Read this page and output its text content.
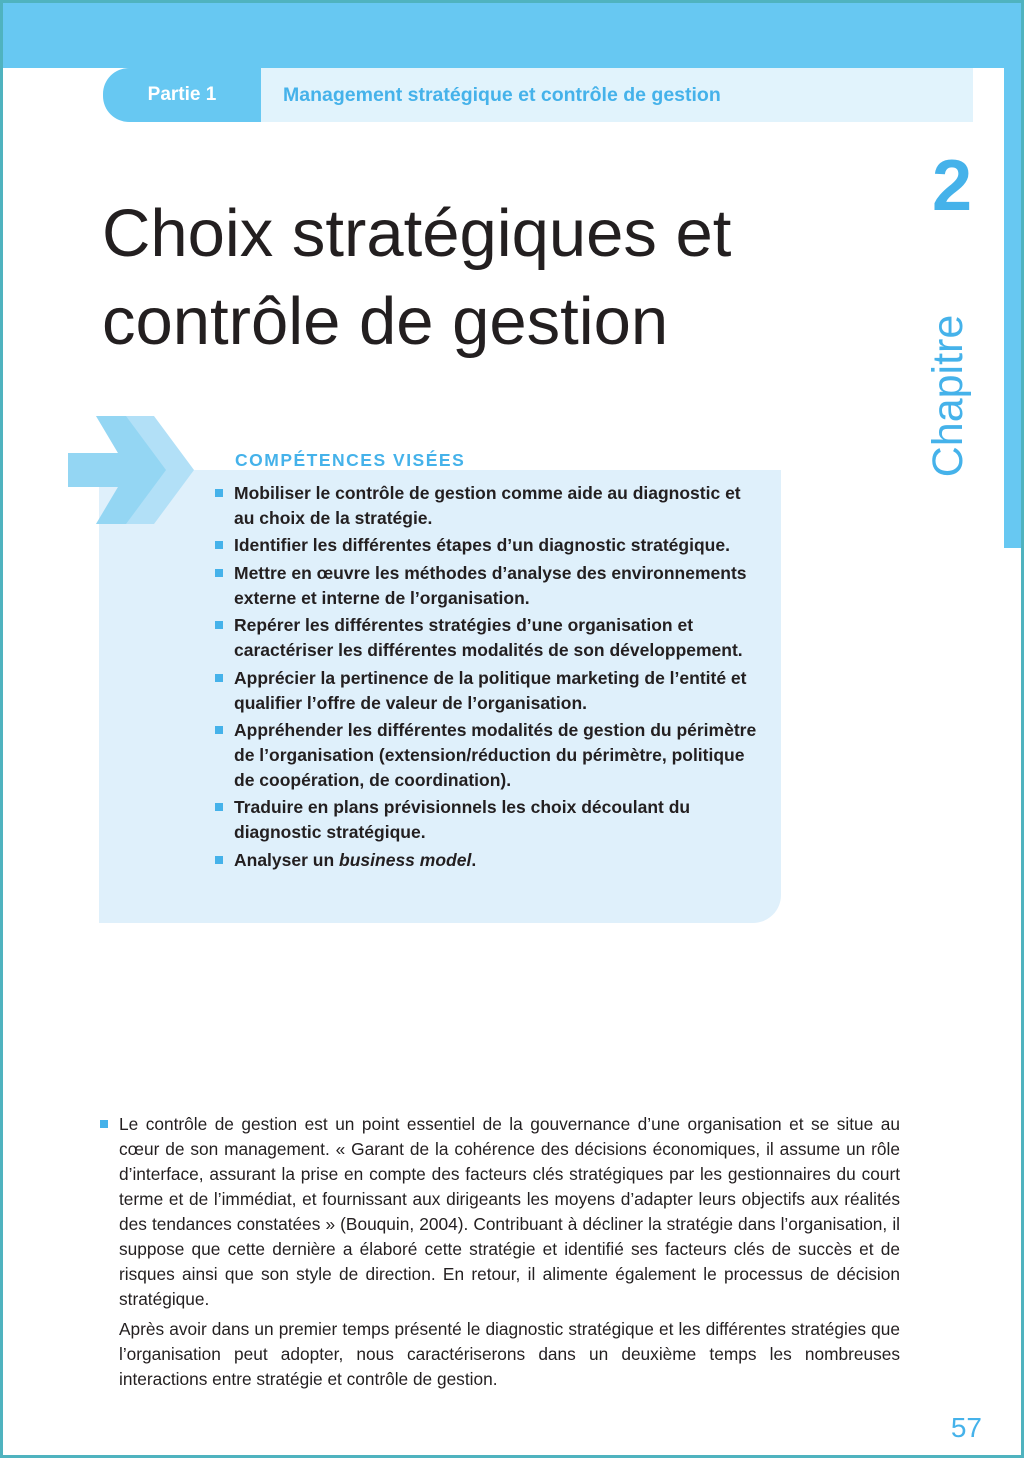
Partie 1	Management stratégique et contrôle de gestion
2
Chapitre
Choix stratégiques et
contrôle de gestion
COMPÉTENCES VISÉES
Mobiliser le contrôle de gestion comme aide au diagnostic et au choix de la stratégie.
Identifier les différentes étapes d’un diagnostic stratégique.
Mettre en œuvre les méthodes d’analyse des environnements externe et interne de l’organisation.
Repérer les différentes stratégies d’une organisation et caractériser les différentes modalités de son développement.
Apprécier la pertinence de la politique marketing de l’entité et qualifier l’offre de valeur de l’organisation.
Appréhender les différentes modalités de gestion du périmètre de l’organisation (extension/réduction du périmètre, politique de coopération, de coordination).
Traduire en plans prévisionnels les choix découlant du diagnostic stratégique.
Analyser un business model.

Le contrôle de gestion est un point essentiel de la gouvernance d’une organisation et se situe au cœur de son management. « Garant de la cohérence des décisions économiques, il assume un rôle d’interface, assurant la prise en compte des facteurs clés stratégiques par les gestionnaires du court terme et de l’immédiat, et fournissant aux dirigeants les moyens d’adapter leurs objectifs aux réalités des tendances constatées » (Bouquin, 2004). Contribuant à décliner la stratégie dans l’organisation, il suppose que cette dernière a élaboré cette stratégie et identifié ses facteurs clés de succès et de risques ainsi que son style de direction. En retour, il alimente également le processus de décision stratégique.

Après avoir dans un premier temps présenté le diagnostic stratégique et les différentes stratégies que l’organisation peut adopter, nous caractériserons dans un deuxième temps les nombreuses interactions entre stratégie et contrôle de gestion.

57
